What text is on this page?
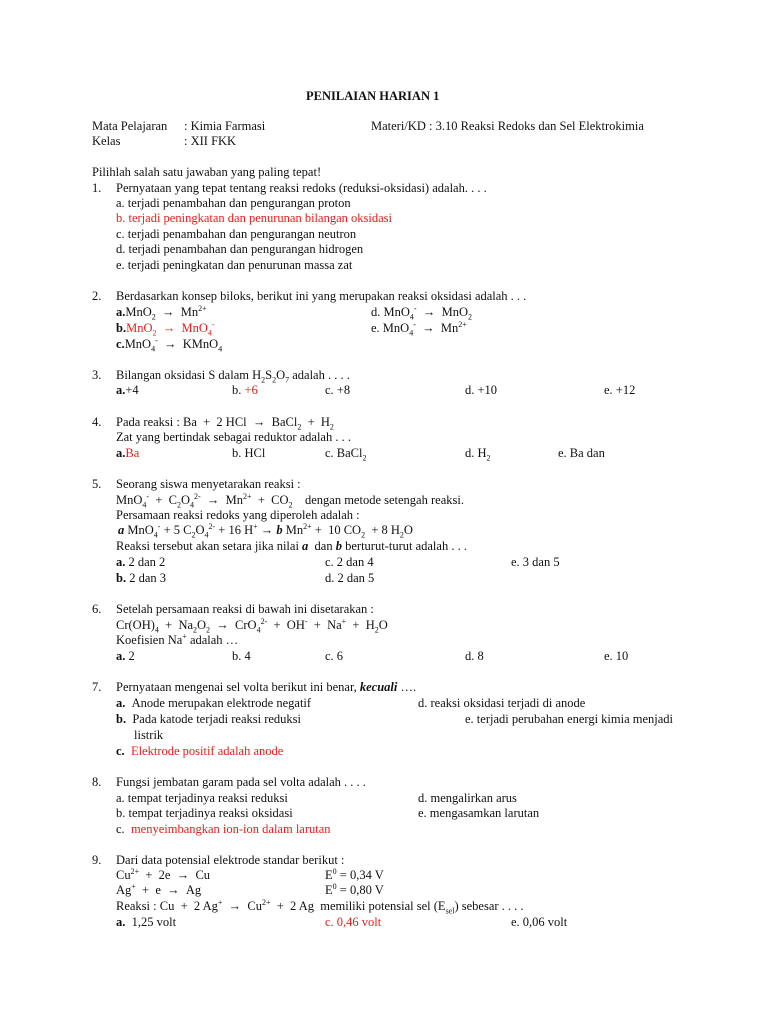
PENILAIAN HARIAN 1
Mata Pelajaran : Kimia Farmasi	Materi/KD : 3.10 Reaksi Redoks dan Sel Elektrokimia
Kelas	: XII FKK
Pilihlah salah satu jawaban yang paling tepat!
1. Pernyataan yang tepat tentang reaksi redoks (reduksi-oksidasi) adalah. . . .
a. terjadi penambahan dan pengurangan proton
b. terjadi peningkatan dan penurunan bilangan oksidasi
c. terjadi penambahan dan pengurangan neutron
d. terjadi penambahan dan pengurangan hidrogen
e. terjadi peningkatan dan penurunan massa zat
2. Berdasarkan konsep biloks, berikut ini yang merupakan reaksi oksidasi adalah . . .
$a.MnO_2 \to Mn^{2+}$	d. MnO$_4$-  →  MnO$_2$
b.MnO$_2$  →  MnO$_4$-	e. $MnO_4^- \to Mn^{2+}$
c.MnO$_4$-  →  KMnO$_4$
3. Bilangan oksidasi S dalam $H_2S_2O_7$ adalah . . . .
a.+4	b. +6	c. +8	d. +10	e. +12
4. Pada reaksi : Ba  +  2 HCl  →  BaCl$_2$  +  $H_2$
Zat yang bertindak sebagai reduktor adalah . . .
a.Ba	b. HCl	c. BaCl$_2$	d. $H_2$	e. Ba dan
5. Seorang siswa menyetarakan reaksi :
$MnO_4^- + C_2O_4^{2-} \to Mn^{2+} + CO_2$    dengan metode setengah reaksi.
Persamaan reaksi redoks yang diperoleh adalah :
a MnO$_4$- + 5 $C_2O_4^{2-} + 16$ H+ → b $Mn^{2+} + 10$ $CO_2 + 8$ $H_2O$
Reaksi tersebut akan setara jika nilai a  dan b berturut-turut adalah . . .
a. 2 dan 2	c. 2 dan 4	e. 3 dan 5
b. 2 dan 3	d. 2 dan 5
6. Setelah persamaan reaksi di bawah ini disetarakan :
$Cr(OH)_4 + Na_2O_2 \to CrO_4^{2-} + OH^- + Na^+ + H_2O$
Koefisien Na+ adalah …
a. 2	b. 4	c. 6	d. 8	e. 10
7. Pernyataan mengenai sel volta berikut ini benar, kecuali ….
a. Anode merupakan elektrode negatif	d. reaksi oksidasi terjadi di anode
b. Pada katode terjadi reaksi reduksi	e. terjadi perubahan energi kimia menjadi
listrik
c. Elektrode positif adalah anode
8. Fungsi jembatan garam pada sel volta adalah . . . .
a. tempat terjadinya reaksi reduksi	d. mengalirkan arus
b. tempat terjadinya reaksi oksidasi	e. mengasamkan larutan
c. menyeimbangkan ion-ion dalam larutan
9. Dari data potensial elektrode standar berikut :
$Cu^{2+} + 2e \to Cu$	$E^0 = 0,34$ V
Ag+  +  e  →  Ag	$E^0 = 0,80$ V
Reaksi : Cu  +  2 $Ag^+ \to Cu^{2+} + 2$ Ag  memiliki potensial sel $(E_{sel})$ sebesar . . . .
a. 1,25 volt	c. 0,46 volt	e. 0,06 volt
